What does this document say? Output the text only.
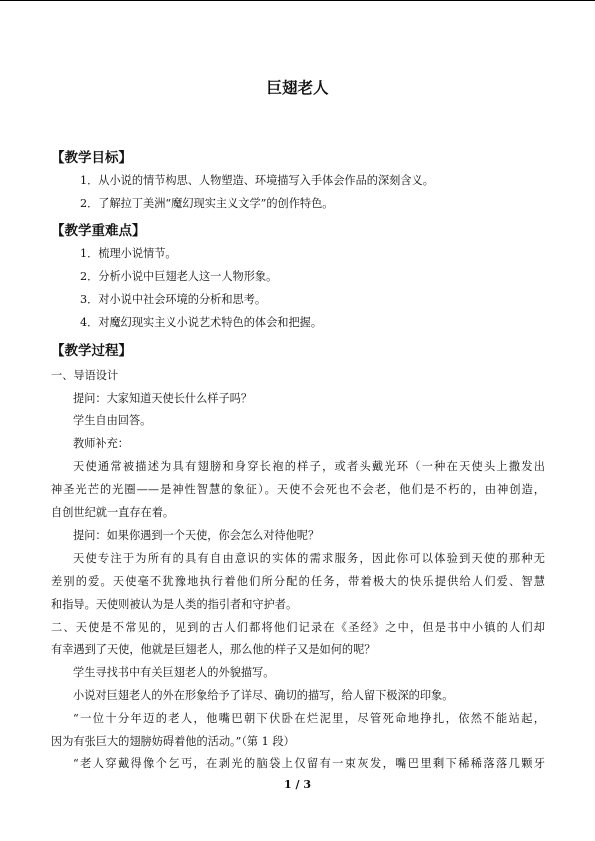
巨翅老人
【教学目标】
1．从小说的情节构思、人物塑造、环境描写入手体会作品的深刻含义。
2．了解拉丁美洲“魔幻现实主义文学”的创作特色。
【教学重难点】
1．梳理小说情节。
2．分析小说中巨翅老人这一人物形象。
3．对小说中社会环境的分析和思考。
4．对魔幻现实主义小说艺术特色的体会和把握。
【教学过程】
一、导语设计
提问：大家知道天使长什么样子吗？
学生自由回答。
教师补充：
天使通常被描述为具有翅膀和身穿长袍的样子，或者头戴光环（一种在天使头上撒发出
神圣光芒的光圈——是神性智慧的象征）。天使不会死也不会老，他们是不朽的，由神创造，
自创世纪就一直存在着。
提问：如果你遇到一个天使，你会怎么对待他呢？
天使专注于为所有的具有自由意识的实体的需求服务，因此你可以体验到天使的那种无
差别的爱。天使毫不犹豫地执行着他们所分配的任务，带着极大的快乐提供给人们爱、智慧
和指导。天使则被认为是人类的指引者和守护者。
二、天使是不常见的，见到的古人们都将他们记录在《圣经》之中，但是书中小镇的人们却
有幸遇到了天使，他就是巨翅老人，那么他的样子又是如何的呢？
学生寻找书中有关巨翅老人的外貌描写。
小说对巨翅老人的外在形象给予了详尽、确切的描写，给人留下极深的印象。
“一位十分年迈的老人，他嘴巴朝下伏卧在烂泥里，尽管死命地挣扎，依然不能站起，
因为有张巨大的翅膀妨碍着他的活动。”（第 1 段）
“老人穿戴得像个乞丐，在剥光的脑袋上仅留有一束灰发，嘴巴里剩下稀稀落落几颗牙
1 / 3
